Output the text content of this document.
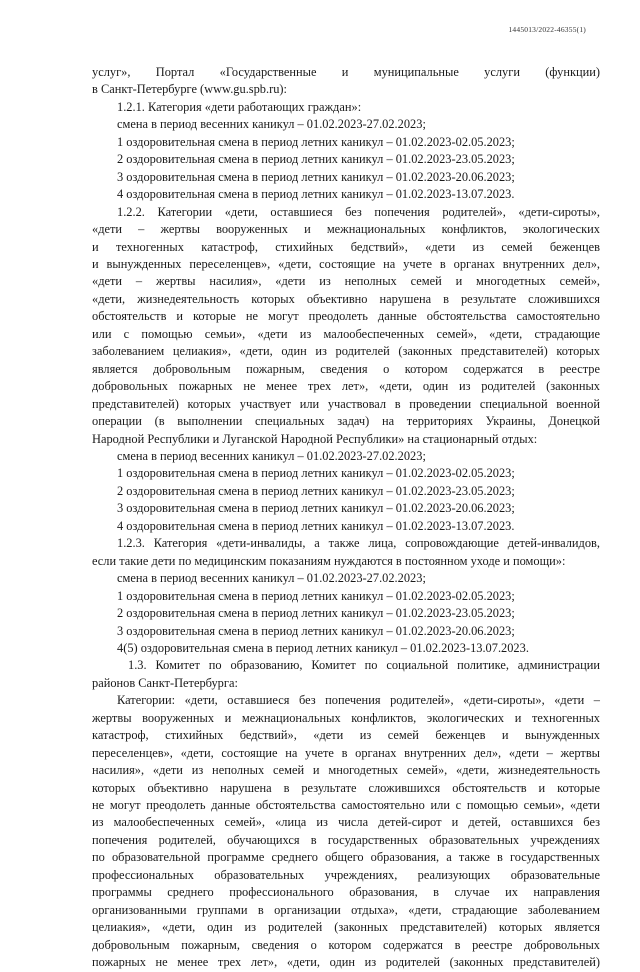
1445013/2022-46355(1)

услуг», Портал «Государственные и муниципальные услуги (функции)

в Санкт-Петербурге (www.gu.spb.ru):

1.2.1. Категория «дети работающих граждан»:

смена в период весенних каникул – 01.02.2023-27.02.2023;

1 оздоровительная смена в период летних каникул – 01.02.2023-02.05.2023;

2 оздоровительная смена в период летних каникул – 01.02.2023-23.05.2023;

3 оздоровительная смена в период летних каникул – 01.02.2023-20.06.2023;

4 оздоровительная смена в период летних каникул – 01.02.2023-13.07.2023.

1.2.2. Категории «дети, оставшиеся без попечения родителей», «дети-сироты»,

«дети – жертвы вооруженных и межнациональных конфликтов, экологических

и техногенных катастроф, стихийных бедствий», «дети из семей беженцев

и вынужденных переселенцев», «дети, состоящие на учете в органах внутренних дел»,

«дети – жертвы насилия», «дети из неполных семей и многодетных семей»,

«дети, жизнедеятельность которых объективно нарушена в результате сложившихся

обстоятельств и которые не могут преодолеть данные обстоятельства самостоятельно

или с помощью семьи», «дети из малообеспеченных семей», «дети, страдающие

заболеванием целиакия», «дети, один из родителей (законных представителей) которых

является добровольным пожарным, сведения о котором содержатся в реестре

добровольных пожарных не менее трех лет», «дети, один из родителей (законных

представителей) которых участвует или участвовал в проведении специальной военной

операции (в выполнении специальных задач) на территориях Украины, Донецкой

Народной Республики и Луганской Народной Республики» на стационарный отдых:

смена в период весенних каникул – 01.02.2023-27.02.2023;

1 оздоровительная смена в период летних каникул – 01.02.2023-02.05.2023;

2 оздоровительная смена в период летних каникул – 01.02.2023-23.05.2023;

3 оздоровительная смена в период летних каникул – 01.02.2023-20.06.2023;

4 оздоровительная смена в период летних каникул – 01.02.2023-13.07.2023.

1.2.3. Категория «дети-инвалиды, а также лица, сопровождающие детей-инвалидов,

если такие дети по медицинским показаниям нуждаются в постоянном уходе и помощи»:

смена в период весенних каникул – 01.02.2023-27.02.2023;

1 оздоровительная смена в период летних каникул – 01.02.2023-02.05.2023;

2 оздоровительная смена в период летних каникул – 01.02.2023-23.05.2023;

3 оздоровительная смена в период летних каникул – 01.02.2023-20.06.2023;

4(5) оздоровительная смена в период летних каникул – 01.02.2023-13.07.2023.

1.3. Комитет по образованию, Комитет по социальной политике, администрации

районов Санкт-Петербурга:

Категории: «дети, оставшиеся без попечения родителей», «дети-сироты», «дети –

жертвы вооруженных и межнациональных конфликтов, экологических и техногенных

катастроф, стихийных бедствий», «дети из семей беженцев и вынужденных

переселенцев», «дети, состоящие на учете в органах внутренних дел», «дети – жертвы

насилия», «дети из неполных семей и многодетных семей», «дети, жизнедеятельность

которых объективно нарушена в результате сложившихся обстоятельств и которые

не могут преодолеть данные обстоятельства самостоятельно или с помощью семьи», «дети

из малообеспеченных семей», «лица из числа детей-сирот и детей, оставшихся без

попечения родителей, обучающихся в государственных образовательных учреждениях

по образовательной программе среднего общего образования, а также в государственных

профессиональных образовательных учреждениях, реализующих образовательные

программы среднего профессионального образования, в случае их направления

организованными группами в организации отдыха», «дети, страдающие заболеванием

целиакия», «дети, один из родителей (законных представителей) которых является

добровольным пожарным, сведения о котором содержатся в реестре добровольных

пожарных не менее трех лет», «дети, один из родителей (законных представителей)
